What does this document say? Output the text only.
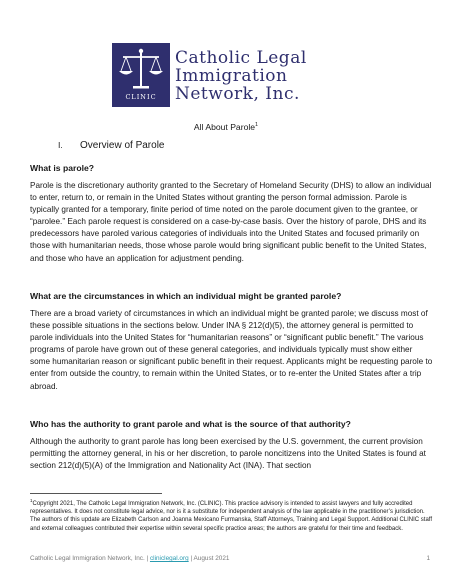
CLINIC
Catholic Legal
Immigration
Network, Inc.
All About Parole$^1$
I. Overview of Parole
What is parole?

Parole is the discretionary authority granted to the Secretary of Homeland Security (DHS) to allow an individual to enter, return to, or remain in the United States without granting the person formal admission. Parole is typically granted for a temporary, finite period of time noted on the parole document given to the grantee, or “parolee.” Each parole request is considered on a case-by-case basis. Over the history of parole, DHS and its predecessors have paroled various categories of individuals into the United States and focused primarily on those with humanitarian needs, those whose parole would bring significant public benefit to the United States, and those who have an application for adjustment pending.

What are the circumstances in which an individual might be granted parole?

There are a broad variety of circumstances in which an individual might be granted parole; we discuss most of these possible situations in the sections below. Under INA § 212(d)(5), the attorney general is permitted to parole individuals into the United States for “humanitarian reasons” or “significant public benefit.” The various programs of parole have grown out of these general categories, and individuals typically must show either some humanitarian reason or significant public benefit in their request. Applicants might be requesting parole to enter from outside the country, to remain within the United States, or to re-enter the United States after a trip abroad.

Who has the authority to grant parole and what is the source of that authority?

Although the authority to grant parole has long been exercised by the U.S. government, the current provision permitting the attorney general, in his or her discretion, to parole noncitizens into the United States is found at section 212(d)(5)(A) of the Immigration and Nationality Act (INA). That section

$^1$Copyright 2021, The Catholic Legal Immigration Network, Inc. (CLINIC). This practice advisory is intended to assist lawyers and fully accredited representatives. It does not constitute legal advice, nor is it a substitute for independent analysis of the law applicable in the practitioner’s jurisdiction. The authors of this update are Elizabeth Carlson and Joanna Mexicano Furmanska, Staff Attorneys, Training and Legal Support. Additional CLINIC staff and external colleagues contributed their expertise within several specific practice areas; the authors are grateful for their time and feedback.

Catholic Legal Immigration Network, Inc. | cliniclegal.org | August 2021	1
